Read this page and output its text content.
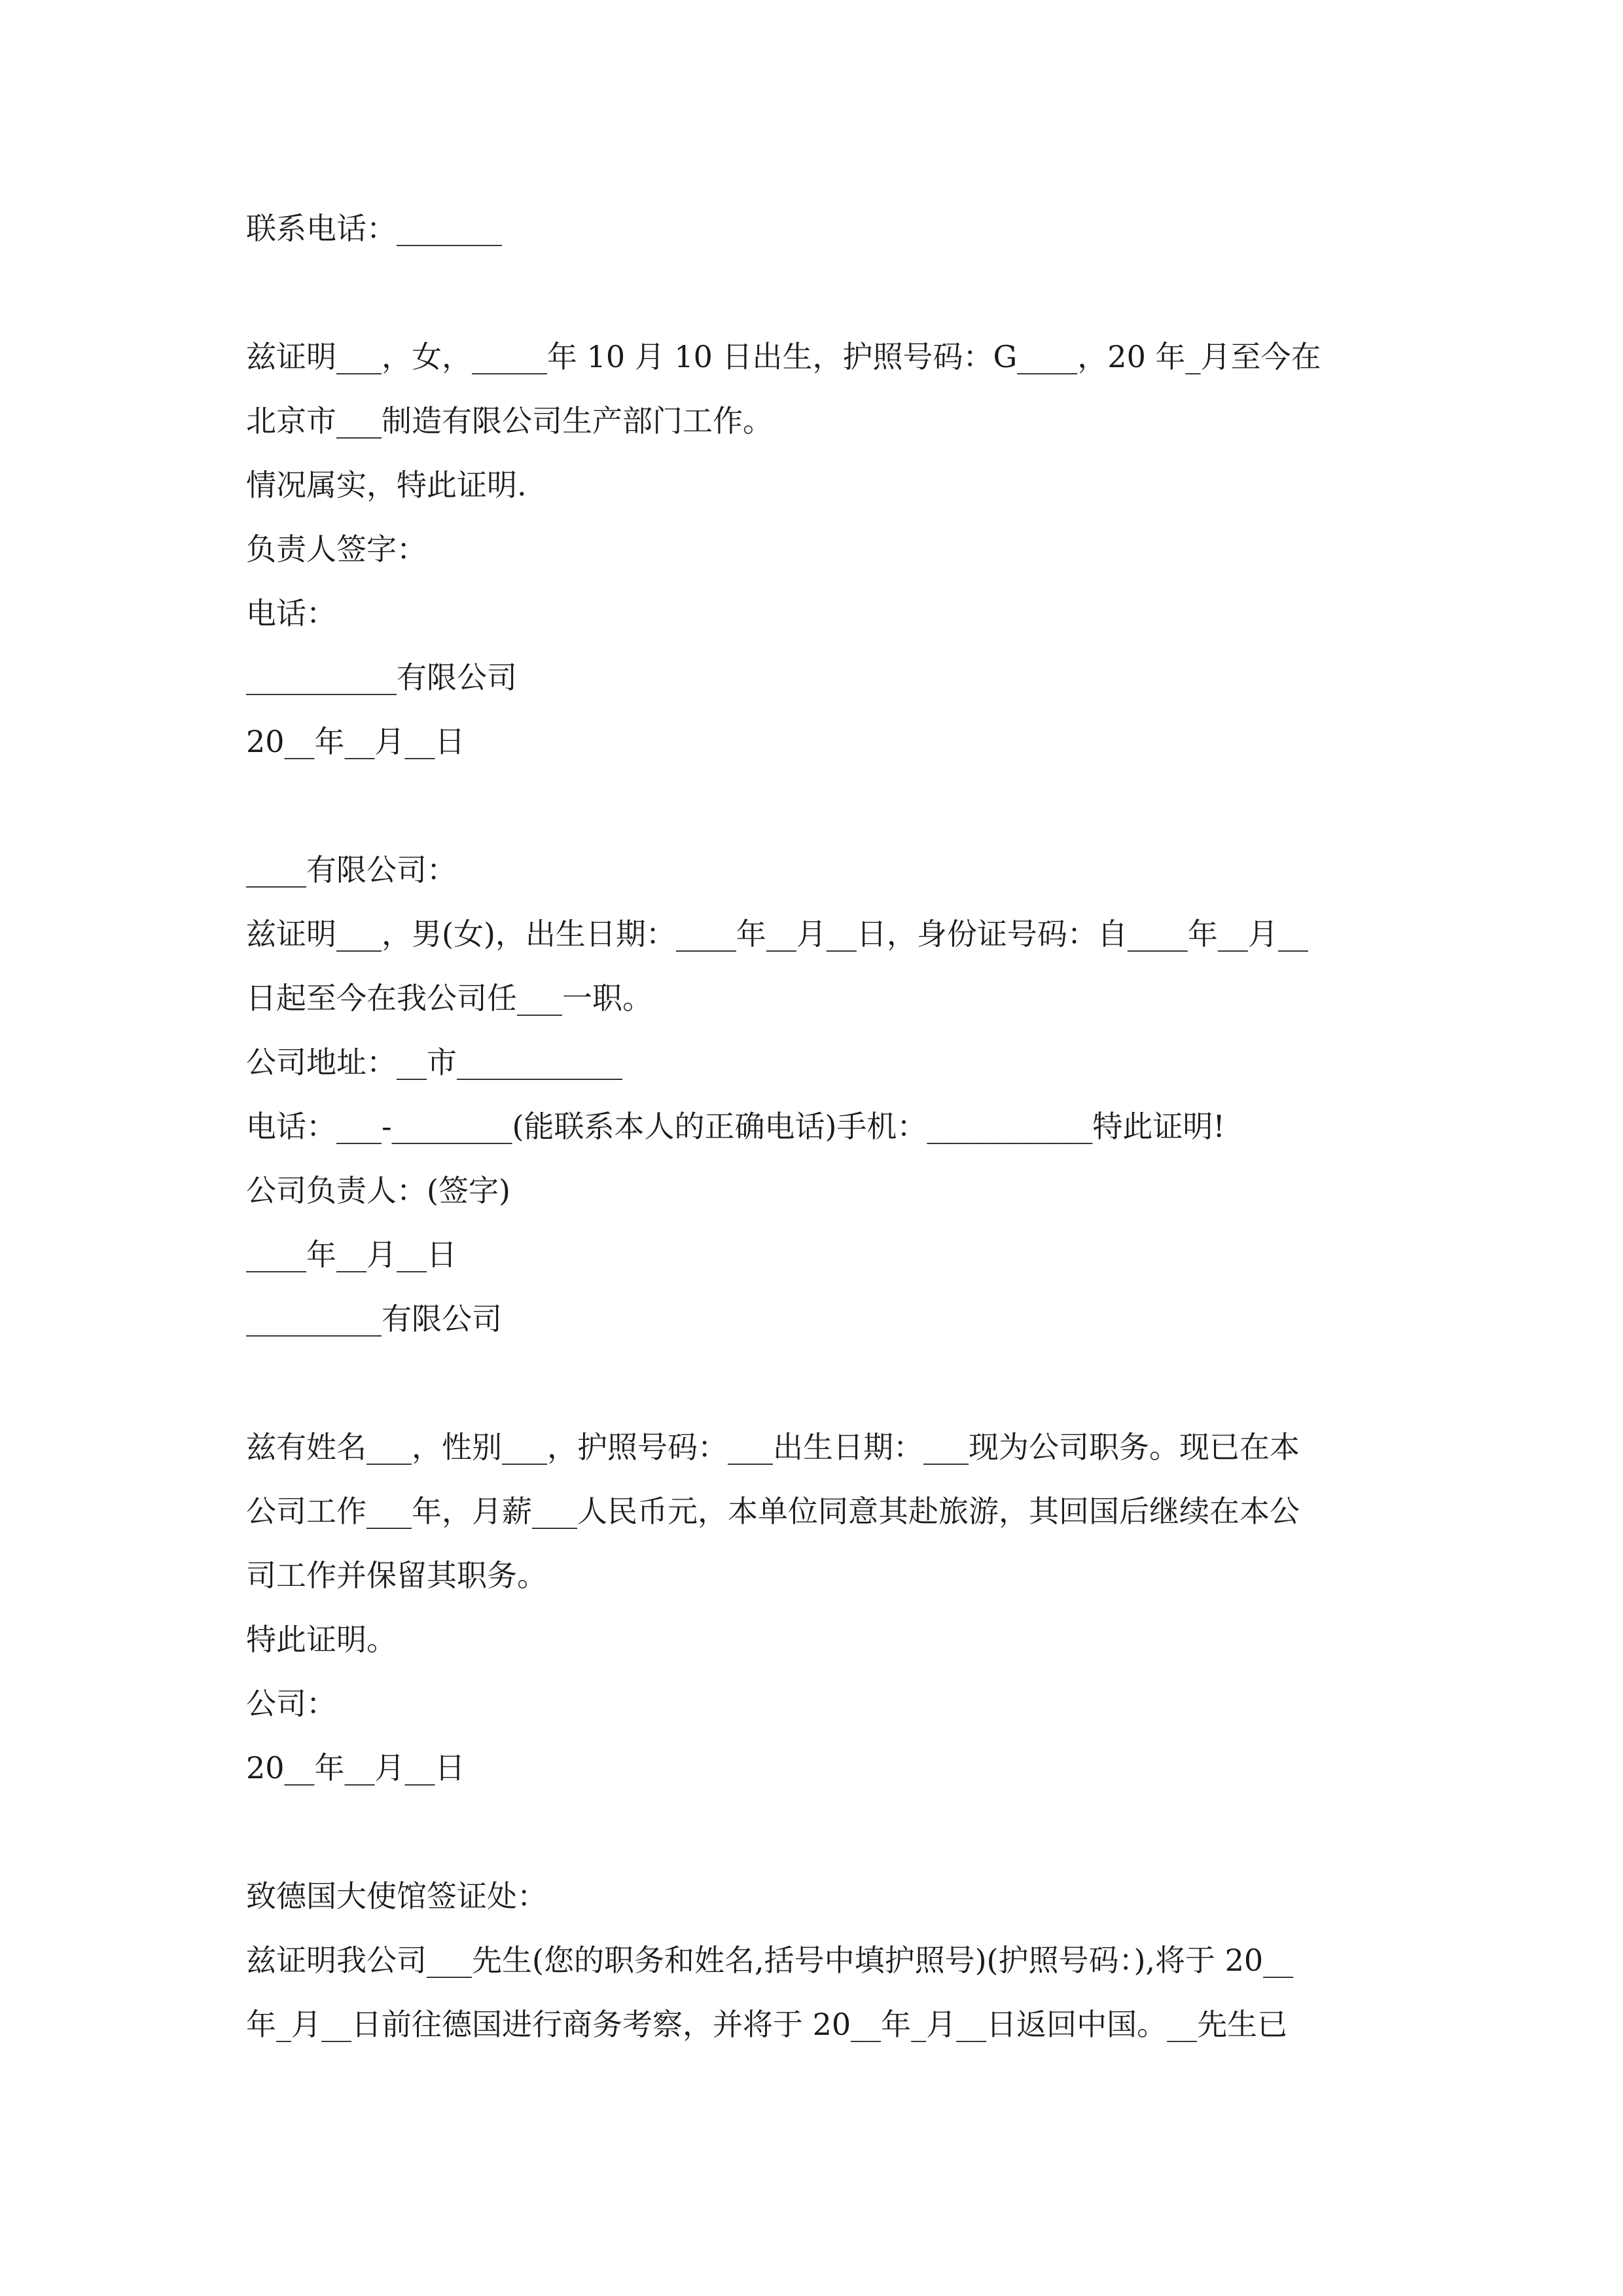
联系电话：_______

兹证明___，女，_____年 10 月 10 日出生，护照号码：G____，20 年_月至今在

北京市___制造有限公司生产部门工作。

情况属实，特此证明.

负责人签字：

电话：

__________有限公司

20__年__月__日

____有限公司：

兹证明___，男(女)，出生日期：____年__月__日，身份证号码：自____年__月__

日起至今在我公司任___一职。

公司地址：__市___________

电话：___-________(能联系本人的正确电话)手机：___________特此证明!

公司负责人：(签字)

____年__月__日

_________有限公司

兹有姓名___，性别___，护照号码：___出生日期：___现为公司职务。现已在本

公司工作___年，月薪___人民币元，本单位同意其赴旅游，其回国后继续在本公

司工作并保留其职务。

特此证明。

公司：

20__年__月__日

致德国大使馆签证处：

兹证明我公司___先生(您的职务和姓名,括号中填护照号)(护照号码：),将于 20__

年_月__日前往德国进行商务考察，并将于 20__年_月__日返回中国。__先生已
